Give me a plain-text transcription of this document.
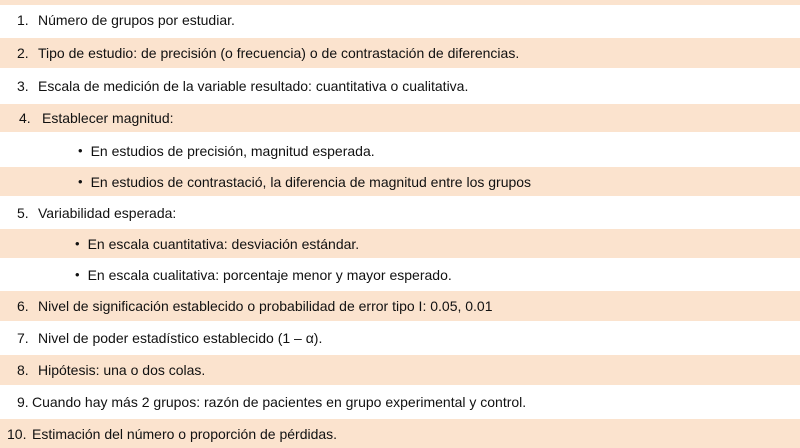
1. Número de grupos por estudiar.
2. Tipo de estudio: de precisión (o frecuencia) o de contrastación de diferencias.
3. Escala de medición de la variable resultado: cuantitativa o cualitativa.
4. Establecer magnitud:
• En estudios de precisión, magnitud esperada.
• En estudios de contrastació, la diferencia de magnitud entre los grupos
5. Variabilidad esperada:
• En escala cuantitativa: desviación estándar.
• En escala cualitativa: porcentaje menor y mayor esperado.
6. Nivel de significación establecido o probabilidad de error tipo I: 0.05, 0.01
7. Nivel de poder estadístico establecido (1 – α).
8. Hipótesis: una o dos colas.
9. Cuando hay más 2 grupos: razón de pacientes en grupo experimental y control.
10. Estimación del número o proporción de pérdidas.
